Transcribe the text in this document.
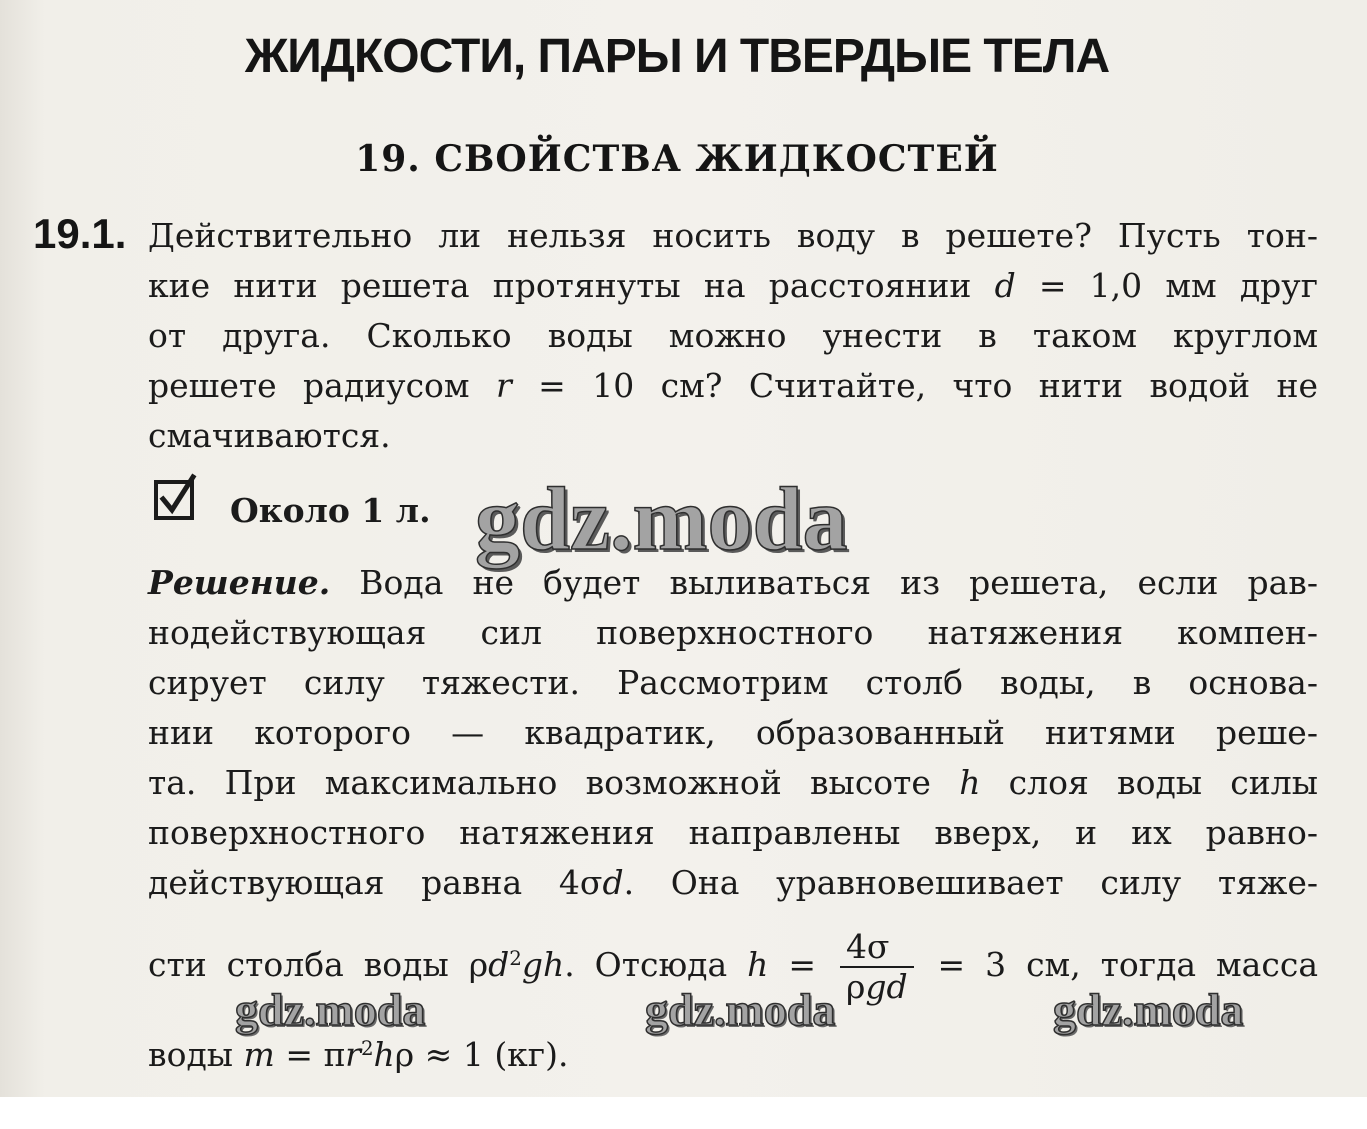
ЖИДКОСТИ, ПАРЫ И ТВЕРДЫЕ ТЕЛА
19. СВОЙСТВА ЖИДКОСТЕЙ
19.1. Действительно ли нельзя носить воду в решете? Пусть тон-
кие нити решета протянуты на расстоянии d = 1,0 мм друг
от друга. Сколько воды можно унести в таком круглом
решете радиусом r = 10 см? Считайте, что нити водой не
смачиваются.
Около 1 л. gdz.moda
Решение. Вода не будет выливаться из решета, если рав-
нодействующая сил поверхностного натяжения компен-
сирует силу тяжести. Рассмотрим столб воды, в основа-
нии которого — квадратик, образованный нитями реше-
та. При максимально возможной высоте h слоя воды силы
поверхностного натяжения направлены вверх, и их равно-
действующая равна 4σd. Она уравновешивает силу тяже-
сти столба воды $\rho d^2gh$. Отсюда $h = \frac{4\sigma}{\text{ρgd}} = 3$ см, тогда масса
воды $m = \pi r^2h\rho \approx 1$ (кг).
gdz.moda	gdz.moda	gdz.moda
